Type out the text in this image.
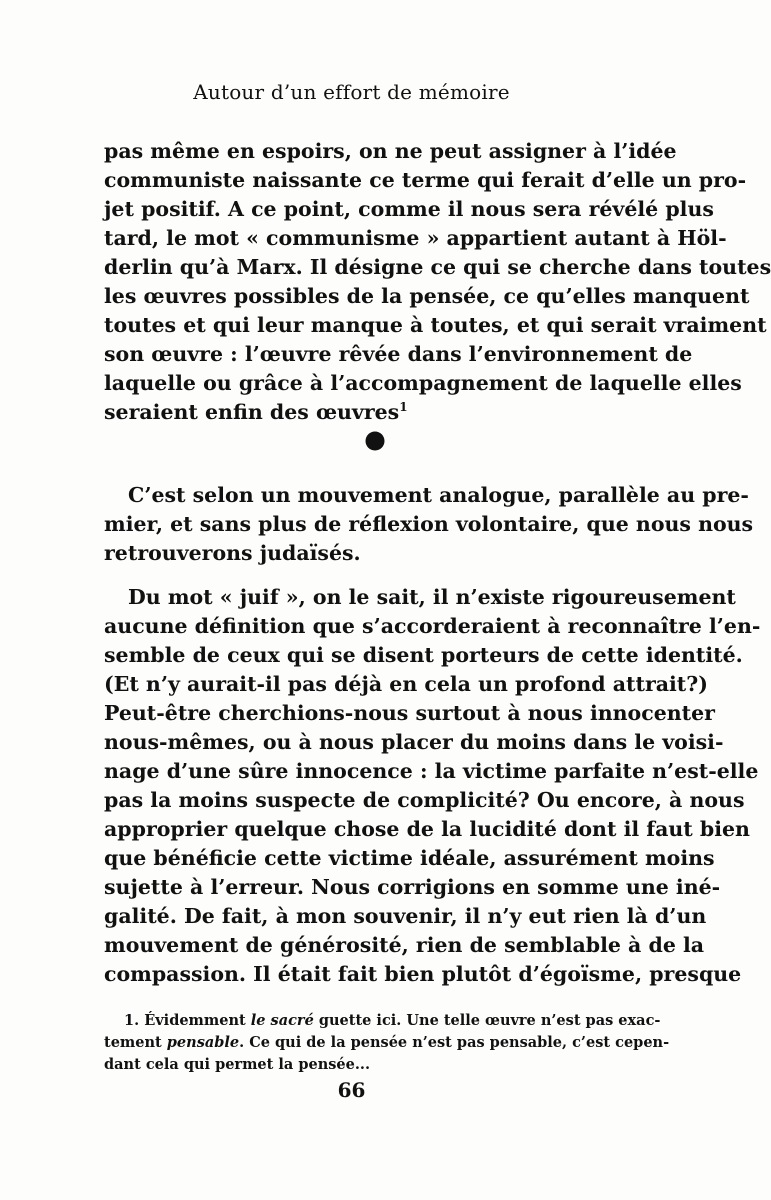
Autour d’un effort de mémoire
pas même en espoirs, on ne peut assigner à l’idée
communiste naissante ce terme qui ferait d’elle un pro-
jet positif. A ce point, comme il nous sera révélé plus
tard, le mot « communisme » appartient autant à Höl-
derlin qu’à Marx. Il désigne ce qui se cherche dans toutes
les œuvres possibles de la pensée, ce qu’elles manquent
toutes et qui leur manque à toutes, et qui serait vraiment
son œuvre : l’œuvre rêvée dans l’environnement de
laquelle ou grâce à l’accompagnement de laquelle elles
seraient enfin des œuvres$^1$
C’est selon un mouvement analogue, parallèle au pre-
mier, et sans plus de réflexion volontaire, que nous nous
retrouverons judaïsés.
Du mot « juif », on le sait, il n’existe rigoureusement
aucune définition que s’accorderaient à reconnaître l’en-
semble de ceux qui se disent porteurs de cette identité.
(Et n’y aurait-il pas déjà en cela un profond attrait?)
Peut-être cherchions-nous surtout à nous innocenter
nous-mêmes, ou à nous placer du moins dans le voisi-
nage d’une sûre innocence : la victime parfaite n’est-elle
pas la moins suspecte de complicité? Ou encore, à nous
approprier quelque chose de la lucidité dont il faut bien
que bénéficie cette victime idéale, assurément moins
sujette à l’erreur. Nous corrigions en somme une iné-
galité. De fait, à mon souvenir, il n’y eut rien là d’un
mouvement de générosité, rien de semblable à de la
compassion. Il était fait bien plutôt d’égoïsme, presque
1. Évidemment le sacré guette ici. Une telle œuvre n’est pas exac-
tement pensable. Ce qui de la pensée n’est pas pensable, c’est cepen-
dant cela qui permet la pensée...
66
